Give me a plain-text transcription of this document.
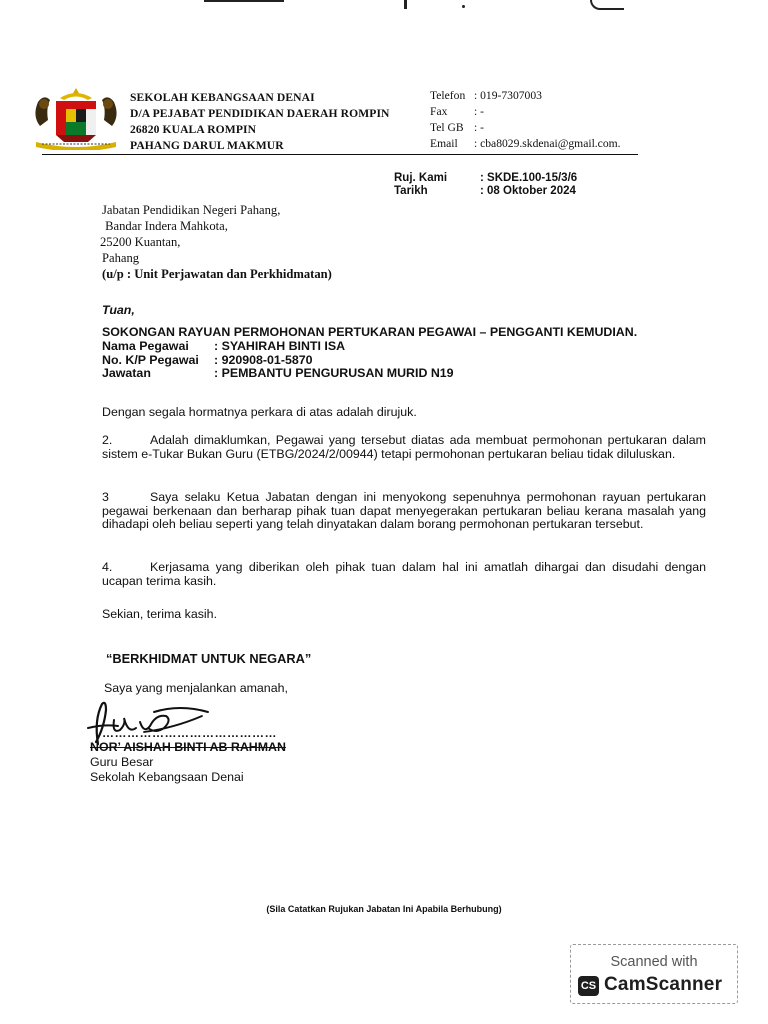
SEKOLAH KEBANGSAAN DENAI
D/A PEJABAT PENDIDIKAN DAERAH ROMPIN
26820 KUALA ROMPIN
PAHANG DARUL MAKMUR
Telefon : 019-7307003
Fax	: -
Tel GB : -
Email	: cba8029.skdenai@gmail.com.
Ruj. Kami	: SKDE.100-15/3/6
Tarikh	: 08 Oktober 2024
Jabatan Pendidikan Negeri Pahang,
Bandar Indera Mahkota,
25200 Kuantan,
Pahang
(u/p : Unit Perjawatan dan Perkhidmatan)
Tuan,
SOKONGAN RAYUAN PERMOHONAN PERTUKARAN PEGAWAI – PENGGANTI KEMUDIAN.
Nama Pegawai	: SYAHIRAH BINTI ISA
No. K/P Pegawai	: 920908-01-5870
Jawatan	: PEMBANTU PENGURUSAN MURID N19
Dengan segala hormatnya perkara di atas adalah dirujuk.
2.	Adalah dimaklumkan, Pegawai yang tersebut diatas ada membuat permohonan pertukaran dalam sistem e-Tukar Bukan Guru (ETBG/2024/2/00944) tetapi permohonan pertukaran beliau tidak diluluskan.
3	Saya selaku Ketua Jabatan dengan ini menyokong sepenuhnya permohonan rayuan pertukaran pegawai berkenaan dan berharap pihak tuan dapat menyegerakan pertukaran beliau kerana masalah yang dihadapi oleh beliau seperti yang telah dinyatakan dalam borang permohonan pertukaran tersebut.
4.	Kerjasama yang diberikan oleh pihak tuan dalam hal ini amatlah dihargai dan disudahi dengan ucapan terima kasih.
Sekian, terima kasih.
“BERKHIDMAT UNTUK NEGARA”
Saya yang menjalankan amanah,
……………………………………
NOR’ AISHAH BINTI AB RAHMAN
Guru Besar
Sekolah Kebangsaan Denai
(Sila Catatkan Rujukan Jabatan Ini Apabila Berhubung)
Scanned with
CS CamScanner
